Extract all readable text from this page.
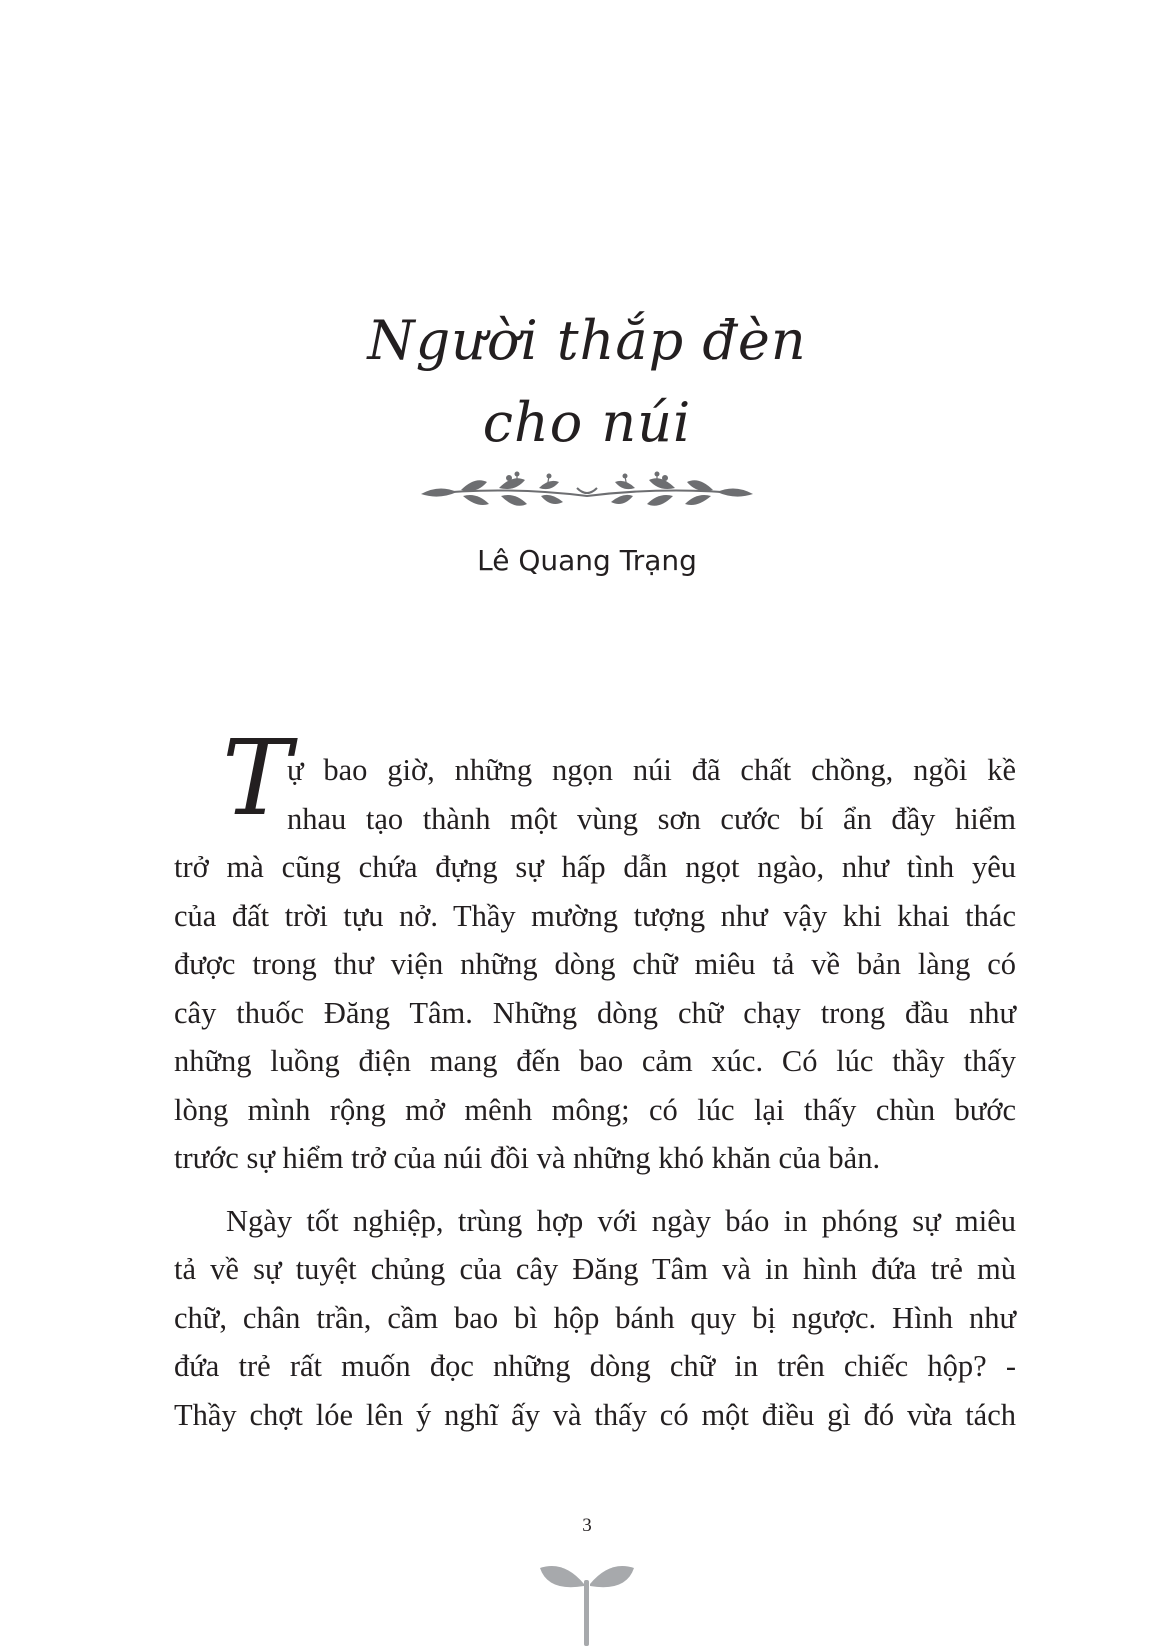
Người thắp đèn
cho núi
Lê Quang Trạng
T
ự bao giờ, những ngọn núi đã chất chồng, ngồi kề
nhau tạo thành một vùng sơn cước bí ẩn đầy hiểm
trở mà cũng chứa đựng sự hấp dẫn ngọt ngào, như tình yêu
của đất trời tựu nở. Thầy mường tượng như vậy khi khai thác
được trong thư viện những dòng chữ miêu tả về bản làng có
cây thuốc Đăng Tâm. Những dòng chữ chạy trong đầu như
những luồng điện mang đến bao cảm xúc. Có lúc thầy thấy
lòng mình rộng mở mênh mông; có lúc lại thấy chùn bước
trước sự hiểm trở của núi đồi và những khó khăn của bản.
Ngày tốt nghiệp, trùng hợp với ngày báo in phóng sự miêu
tả về sự tuyệt chủng của cây Đăng Tâm và in hình đứa trẻ mù
chữ, chân trần, cầm bao bì hộp bánh quy bị ngược. Hình như
đứa trẻ rất muốn đọc những dòng chữ in trên chiếc hộp? -
Thầy chợt lóe lên ý nghĩ ấy và thấy có một điều gì đó vừa tách
3
